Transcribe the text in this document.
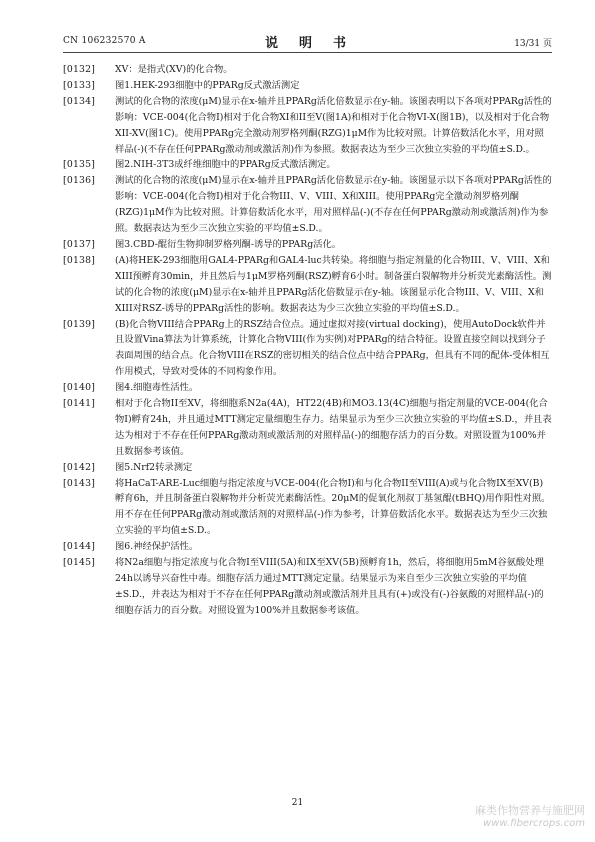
CN 106232570 A	说　明　书	13/31 页
[0132]	XV：是指式(XV)的化合物。
[0133]	图1.HEK-293细胞中的PPARg反式激活测定
[0134]	测试的化合物的浓度(μM)显示在x-轴并且PPARg活化倍数显示在y-轴。该图表明以下各项对PPARg活性的影响：VCE-004(化合物I)相对于化合物XI和II至V(图1A)和相对于化合物VI-X(图1B)，以及相对于化合物XII-XV(图1C)。使用PPARg完全激动剂罗格列酮(RZG)1μM作为比较对照。计算倍数活化水平，用对照样品(-)(不存在任何PPARg激动剂或激活剂)作为参照。数据表达为至少三次独立实验的平均值±S.D.。
[0135]	图2.NIH-3T3成纤维细胞中的PPARg反式激活测定。
[0136]	测试的化合物的浓度(μM)显示在x-轴并且PPARg活化倍数显示在y-轴。该图显示以下各项对PPARg活性的影响：VCE-004(化合物I)相对于化合物III、V、VIII、X和XIII。使用PPARg完全激动剂罗格列酮(RZG)1μM作为比较对照。计算倍数活化水平，用对照样品(-)(不存在任何PPARg激动剂或激活剂)作为参照。数据表达为至少三次独立实验的平均值±S.D.。
[0137]	图3.CBD-醌衍生物抑制罗格列酮-诱导的PPARg活化。
[0138]	(A)将HEK-293细胞用GAL4-PPARg和GAL4-luc共转染。将细胞与指定剂量的化合物III、V、VIII、X和XIII预孵育30min，并且然后与1μM罗格列酮(RSZ)孵育6小时。制备蛋白裂解物并分析荧光素酶活性。测试的化合物的浓度(μM)显示在x-轴并且PPARg活化倍数显示在y-轴。该图显示化合物III、V、VIII、X和XIII对RSZ-诱导的PPARg活性的影响。数据表达为少三次独立实验的平均值±S.D.。
[0139]	(B)化合物VIII结合PPARg上的RSZ结合位点。通过虚拟对接(virtual docking)，使用AutoDock软件并且设置Vina算法为计算系统，计算化合物VIII(作为实例)对PPARg的结合特征。设置直接空间以找到分子表面周围的结合点。化合物VIII在RSZ的密切相关的结合位点中结合PPARg，但具有不同的配体-受体相互作用模式，导致对受体的不同构象作用。
[0140]	图4.细胞毒性活性。
[0141]	相对于化合物II至XV，将细胞系N2a(4A)，HT22(4B)和MO3.13(4C)细胞与指定剂量的VCE-004(化合物I)孵育24h，并且通过MTT测定定量细胞生存力。结果显示为至少三次独立实验的平均值±S.D.，并且表达为相对于不存在任何PPARg激动剂或激活剂的对照样品(-)的细胞存活力的百分数。对照设置为100%并且数据参考该值。
[0142]	图5.Nrf2转录测定
[0143]	将HaCaT-ARE-Luc细胞与指定浓度与VCE-004(化合物I)和与化合物II至VIII(A)或与化合物IX至XV(B)孵育6h，并且制备蛋白裂解物并分析荧光素酶活性。20μM的促氧化剂叔丁基氢醌(tBHQ)用作阳性对照。用不存在任何PPARg激动剂或激活剂的对照样品(-)作为参考，计算倍数活化水平。数据表达为至少三次独立实验的平均值±S.D.。
[0144]	图6.神经保护活性。
[0145]	将N2a细胞与指定浓度与化合物I至VIII(5A)和IX至XV(5B)预孵育1h，然后，将细胞用5mM谷氨酸处理24h以诱导兴奋性中毒。细胞存活力通过MTT测定定量。结果显示为来自至少三次独立实验的平均值±S.D.，并表达为相对于不存在任何PPARg激动剂或激活剂并且具有(+)或没有(-)谷氨酸的对照样品(-)的细胞存活力的百分数。对照设置为100%并且数据参考该值。
21
麻类作物营养与施肥网
www.fibercrops.com
